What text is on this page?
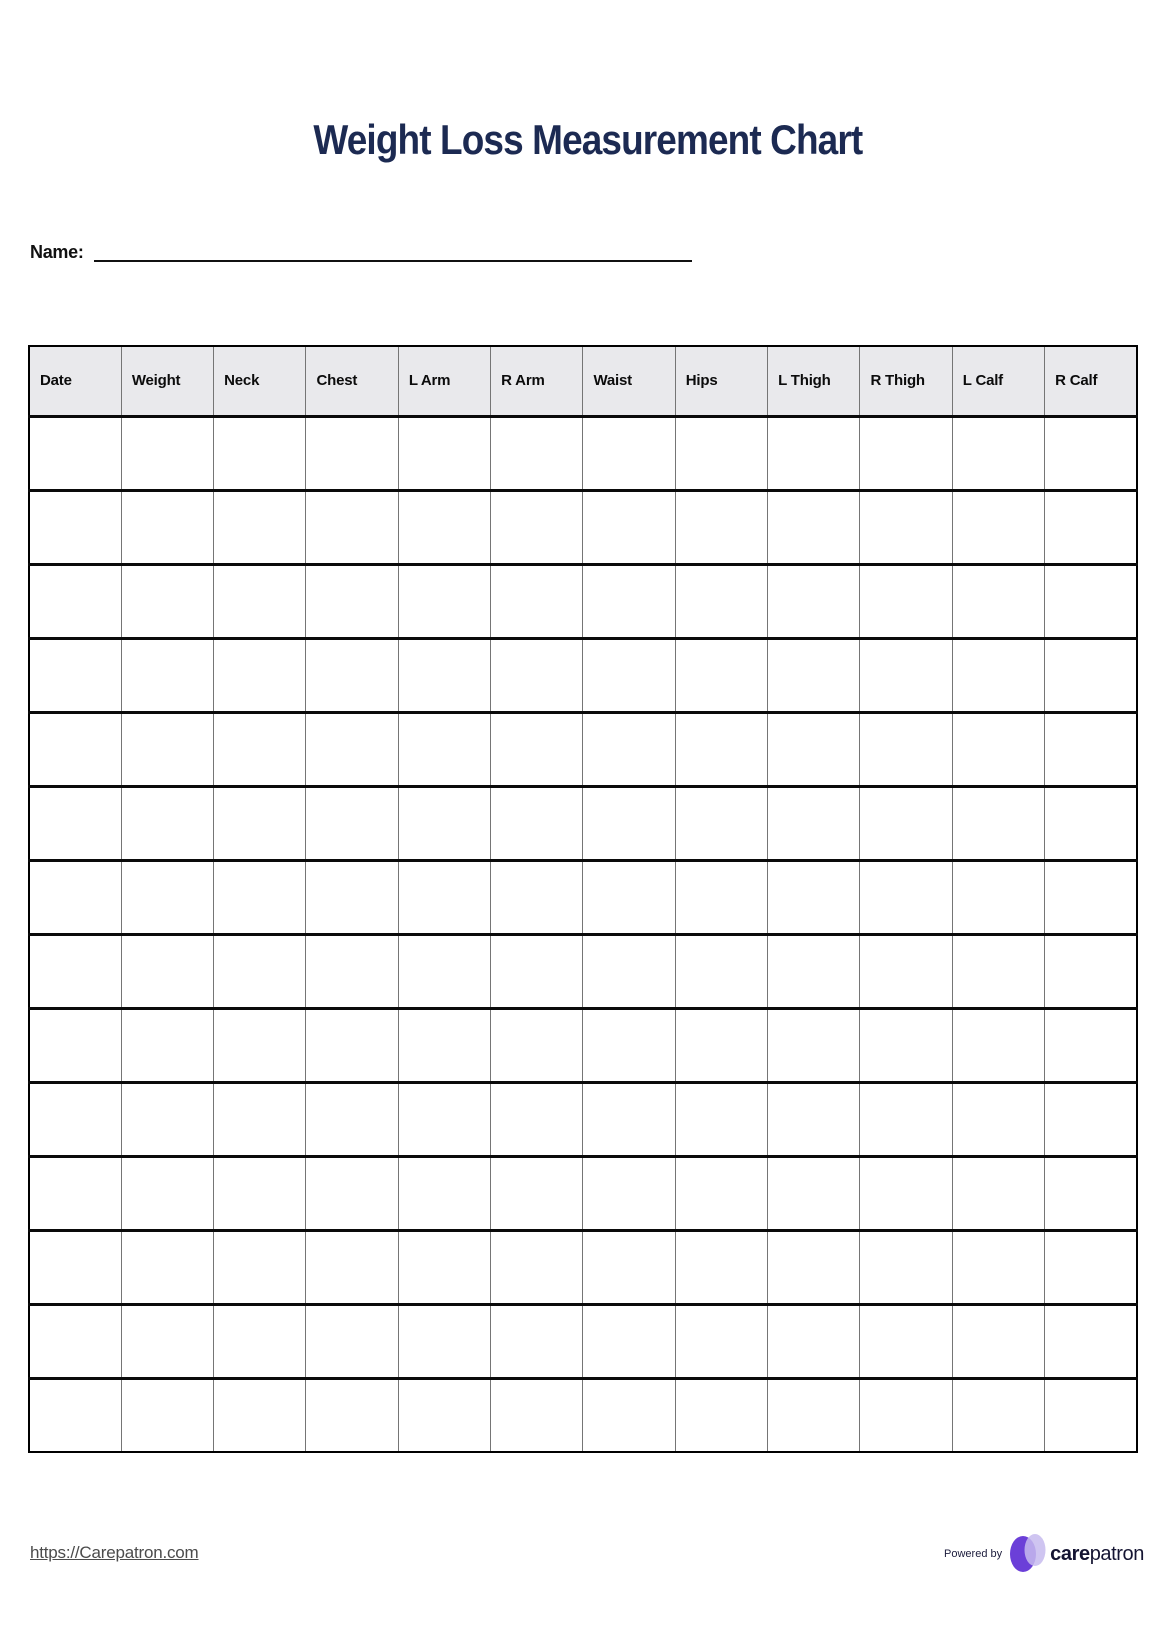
Weight Loss Measurement Chart
Name:
Date	Weight	Neck	Chest	L Arm	R Arm	Waist	Hips	L Thigh	R Thigh	L Calf	R Calf

https://Carepatron.com	Powered by carepatron
